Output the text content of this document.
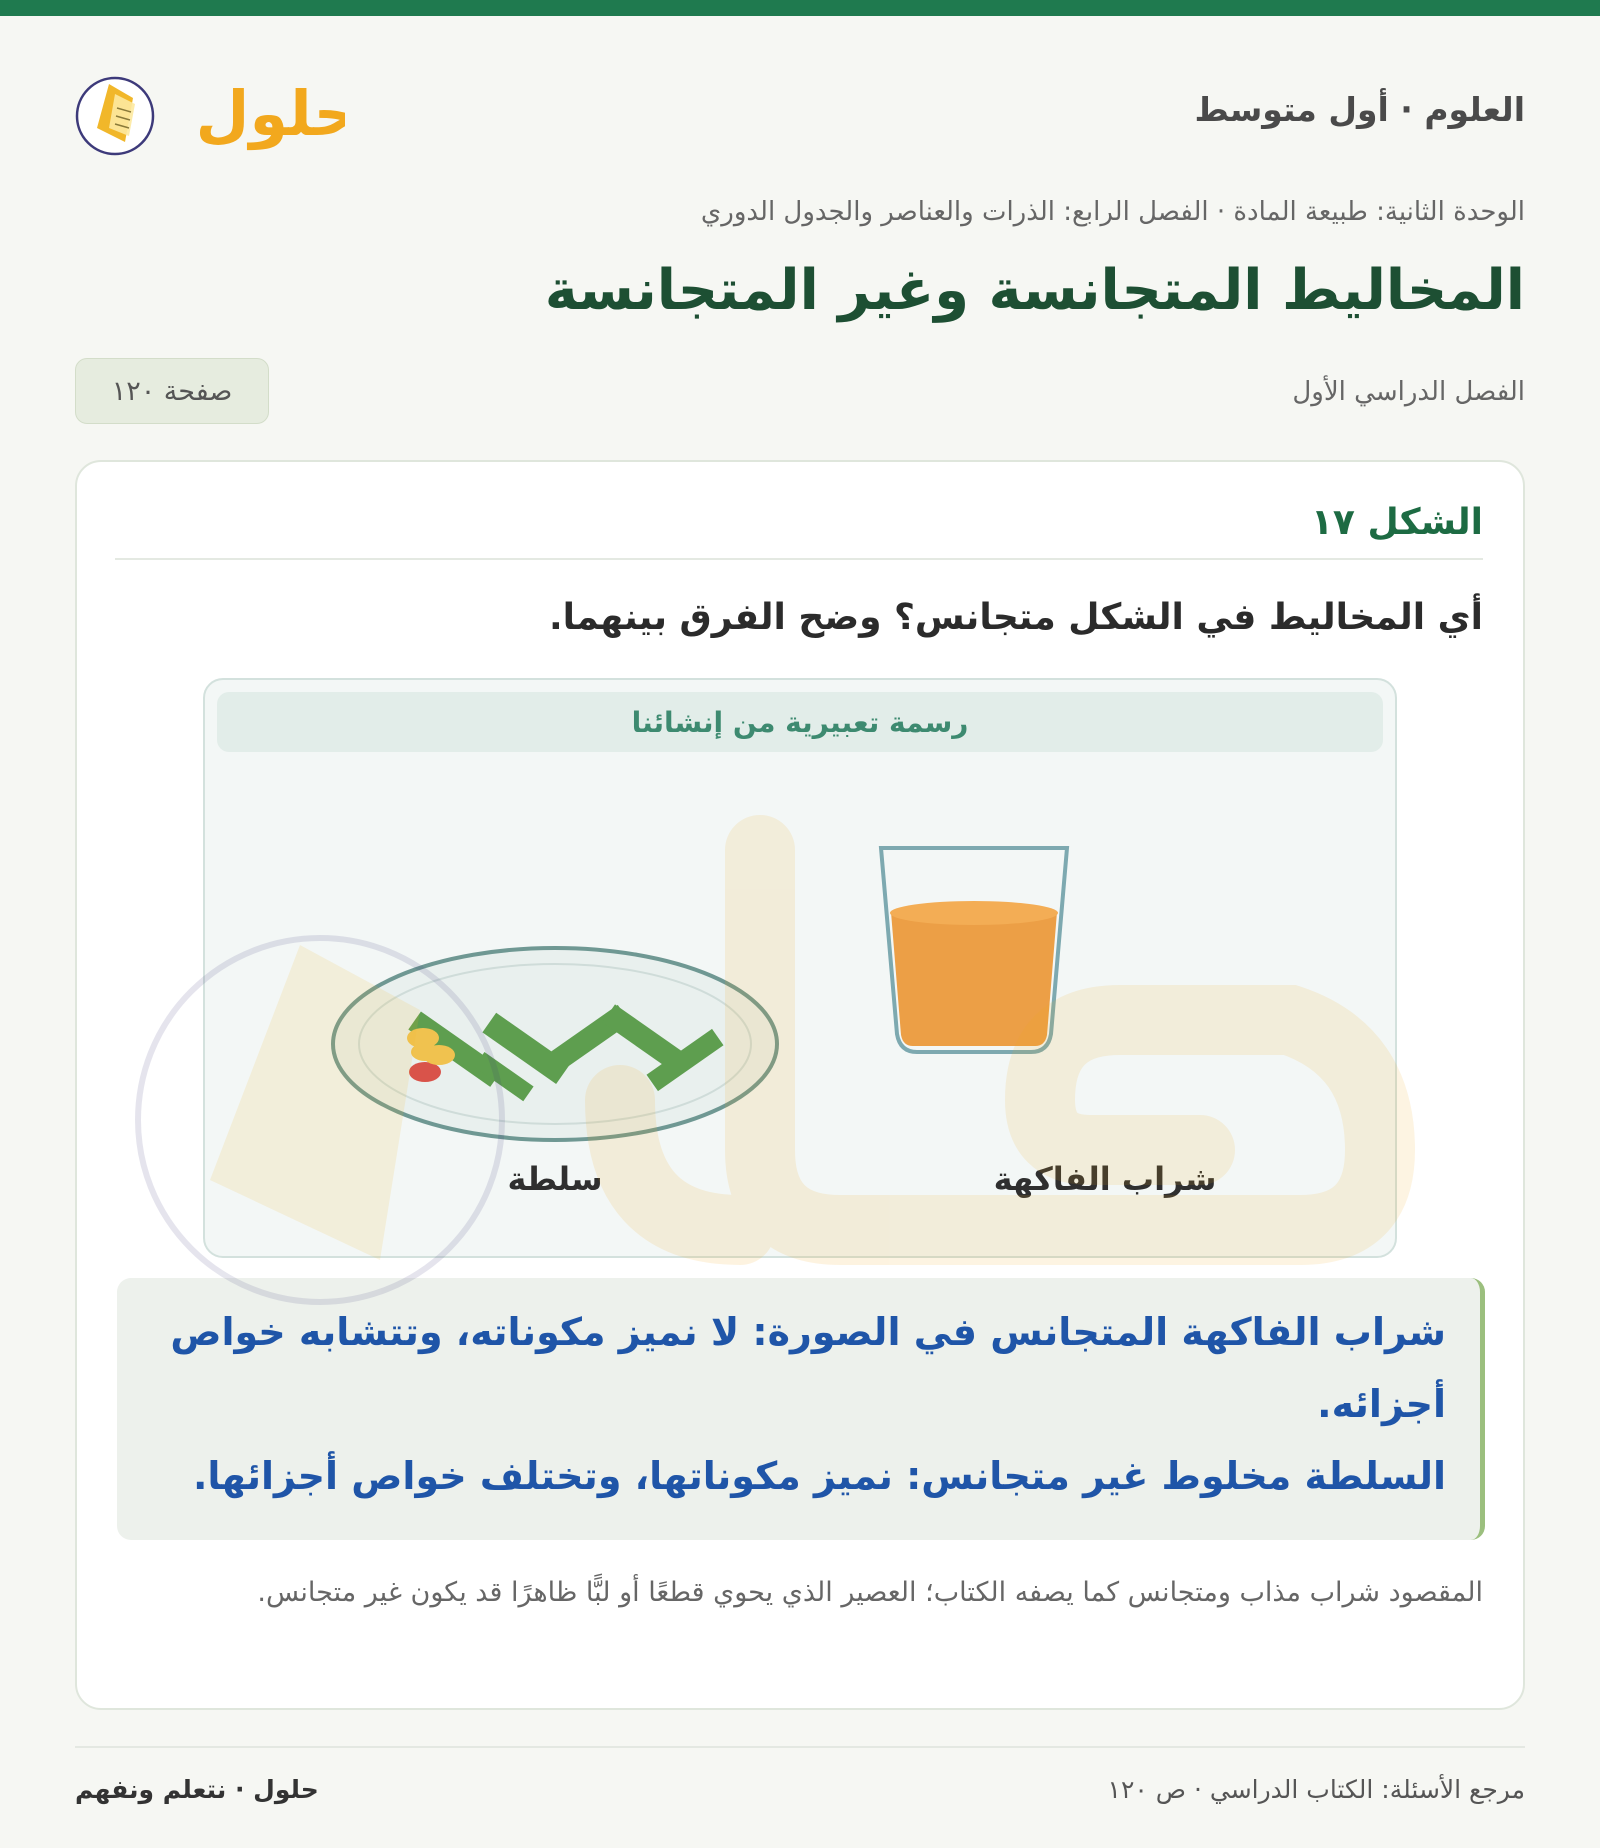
العلوم · أول متوسط
حلول
الوحدة الثانية: طبيعة المادة · الفصل الرابع: الذرات والعناصر والجدول الدوري
المخاليط المتجانسة وغير المتجانسة
الفصل الدراسي الأول
صفحة ١٢٠
الشكل ١٧
أي المخاليط في الشكل متجانس؟ وضح الفرق بينهما.
رسمة تعبيرية من إنشائنا
شراب الفاكهة
سلطة

شراب الفاكهة المتجانس في الصورة: لا نميز مكوناته، وتتشابه خواص أجزائه.

السلطة مخلوط غير متجانس: نميز مكوناتها، وتختلف خواص أجزائها.

المقصود شراب مذاب ومتجانس كما يصفه الكتاب؛ العصير الذي يحوي قطعًا أو لبًّا ظاهرًا قد يكون غير متجانس.
مرجع الأسئلة: الكتاب الدراسي · ص ١٢٠
حلول · نتعلم ونفهم
